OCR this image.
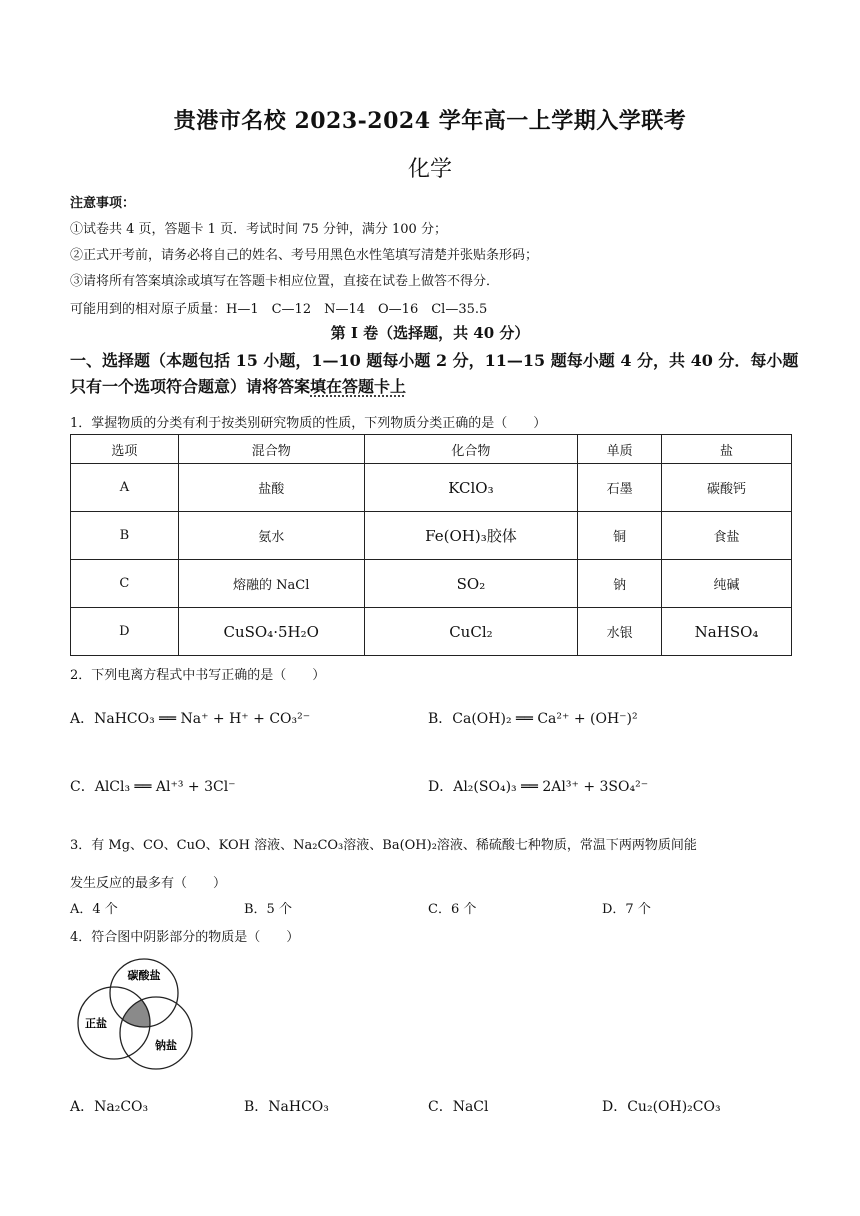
贵港市名校 2023-2024 学年高一上学期入学联考
化学
注意事项：
①试卷共 4 页，答题卡 1 页．考试时间 75 分钟，满分 100 分；
②正式开考前，请务必将自己的姓名、考号用黑色水性笔填写清楚并张贴条形码；
③请将所有答案填涂或填写在答题卡相应位置，直接在试卷上做答不得分．
可能用到的相对原子质量：H—1　C—12　N—14　O—16　Cl—35.5
第 I 卷（选择题，共 40 分）
一、选择题（本题包括 15 小题，1—10 题每小题 2 分，11—15 题每小题 4 分，共 40 分．每小题
只有一个选项符合题意）请将答案填在答题卡上
1．掌握物质的分类有利于按类别研究物质的性质，下列物质分类正确的是（　　）
选项	混合物	化合物	单质	盐
A	盐酸	KClO₃	石墨	碳酸钙
B	氨水	Fe(OH)₃胶体	铜	食盐
C	熔融的 NaCl	SO₂	钠	纯碱
D	CuSO₄·5H₂O	CuCl₂	水银	NaHSO₄
2．下列电离方程式中书写正确的是（　　）
A．NaHCO₃ ══ Na⁺ + H⁺ + CO₃²⁻	B．Ca(OH)₂ ══ Ca²⁺ + (OH⁻)²
C．AlCl₃ ══ Al⁺³ + 3Cl⁻	D．Al₂(SO₄)₃ ══ 2Al³⁺ + 3SO₄²⁻
3．有 Mg、CO、CuO、KOH 溶液、Na₂CO₃溶液、Ba(OH)₂溶液、稀硫酸七种物质，常温下两两物质间能
发生反应的最多有（　　）
A．4 个	B．5 个	C．6 个	D．7 个
4．符合图中阴影部分的物质是（　　）
碳酸盐
正盐
钠盐
A．Na₂CO₃	B．NaHCO₃	C．NaCl	D．Cu₂(OH)₂CO₃
